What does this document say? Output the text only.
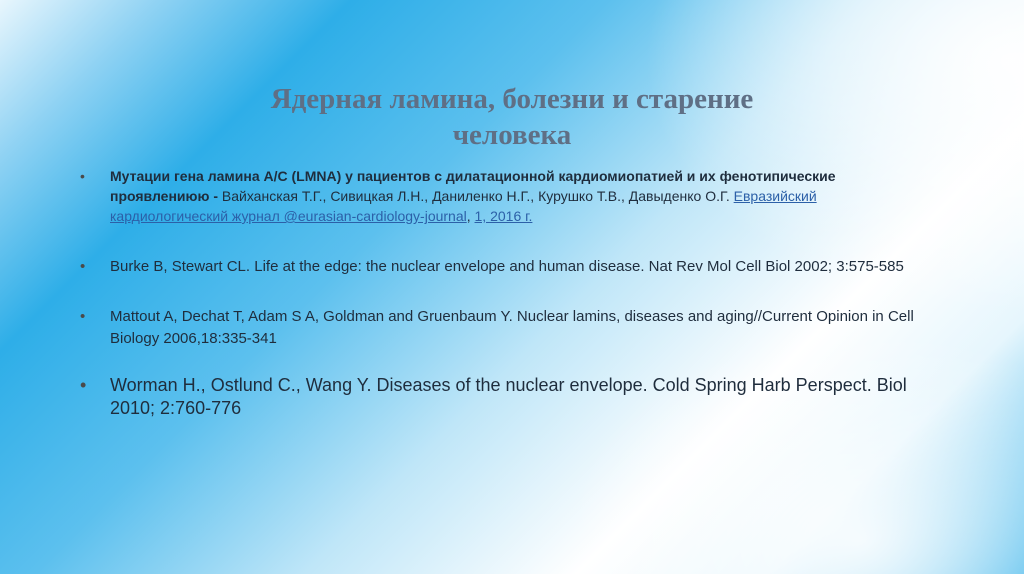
Ядерная ламина, болезни и старение
человека
• Мутации гена ламина A/C (LMNA) у пациентов с дилатационной кардиомиопатией и их фенотипические проявлениюю - Вайханская Т.Г., Сивицкая Л.Н., Даниленко Н.Г., Курушко Т.В., Давыденко О.Г. Евразийский кардиологический журнал @eurasian-cardiology-journal, 1, 2016 г.
• Burke B, Stewart CL. Life at the edge: the nuclear envelope and human disease. Nat Rev Mol Cell Biol 2002; 3:575-585
• Mattout A, Dechat T, Adam S A, Goldman and Gruenbaum Y. Nuclear lamins, diseases and aging//Current Opinion in Cell Biology 2006,18:335-341
• Worman H., Ostlund C., Wang Y. Diseases of the nuclear envelope. Cold Spring Harb Perspect. Biol 2010; 2:760-776
